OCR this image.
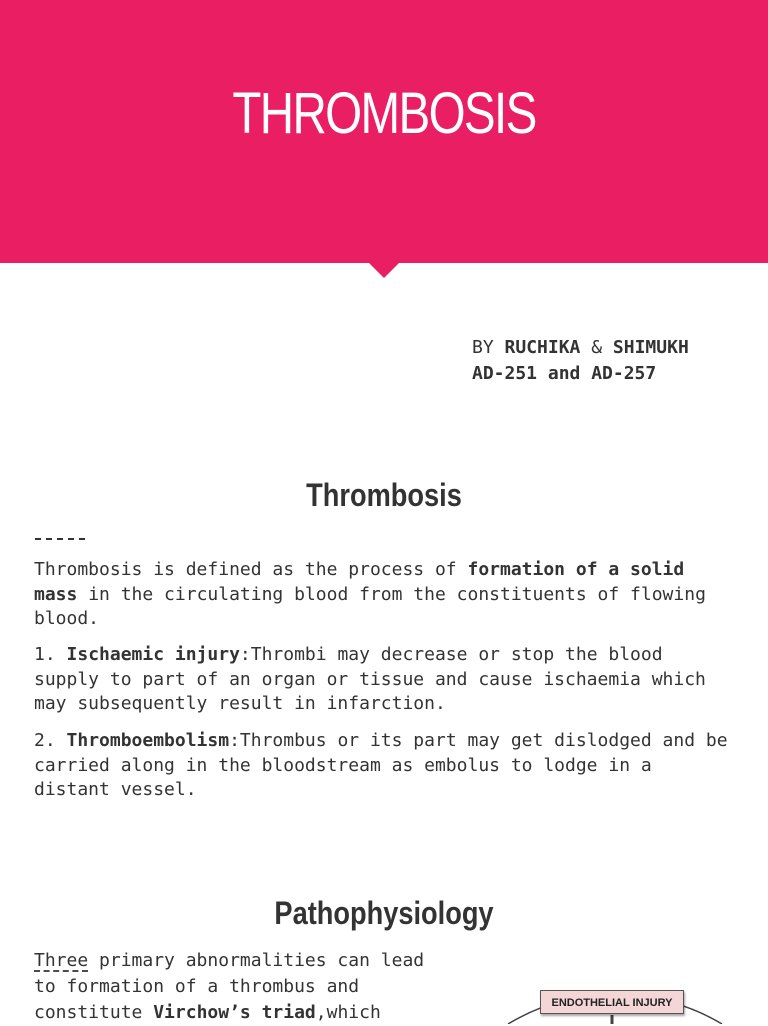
THROMBOSIS
BY RUCHIKA & SHIMUKH
AD-251 and AD-257
Thrombosis
Thrombosis is defined as the process of formation of a solid mass in the circulating blood from the constituents of flowing blood.
1. Ischaemic injury:Thrombi may decrease or stop the blood supply to part of an organ or tissue and cause ischaemia which may subsequently result in infarction.
2. Thromboembolism:Thrombus or its part may get dislodged and be carried along in the bloodstream as embolus to lodge in a distant vessel.
Pathophysiology
Three primary abnormalities can lead
to formation of a thrombus and
constitute Virchow’s triad,which	ENDOTHELIAL INJURY
